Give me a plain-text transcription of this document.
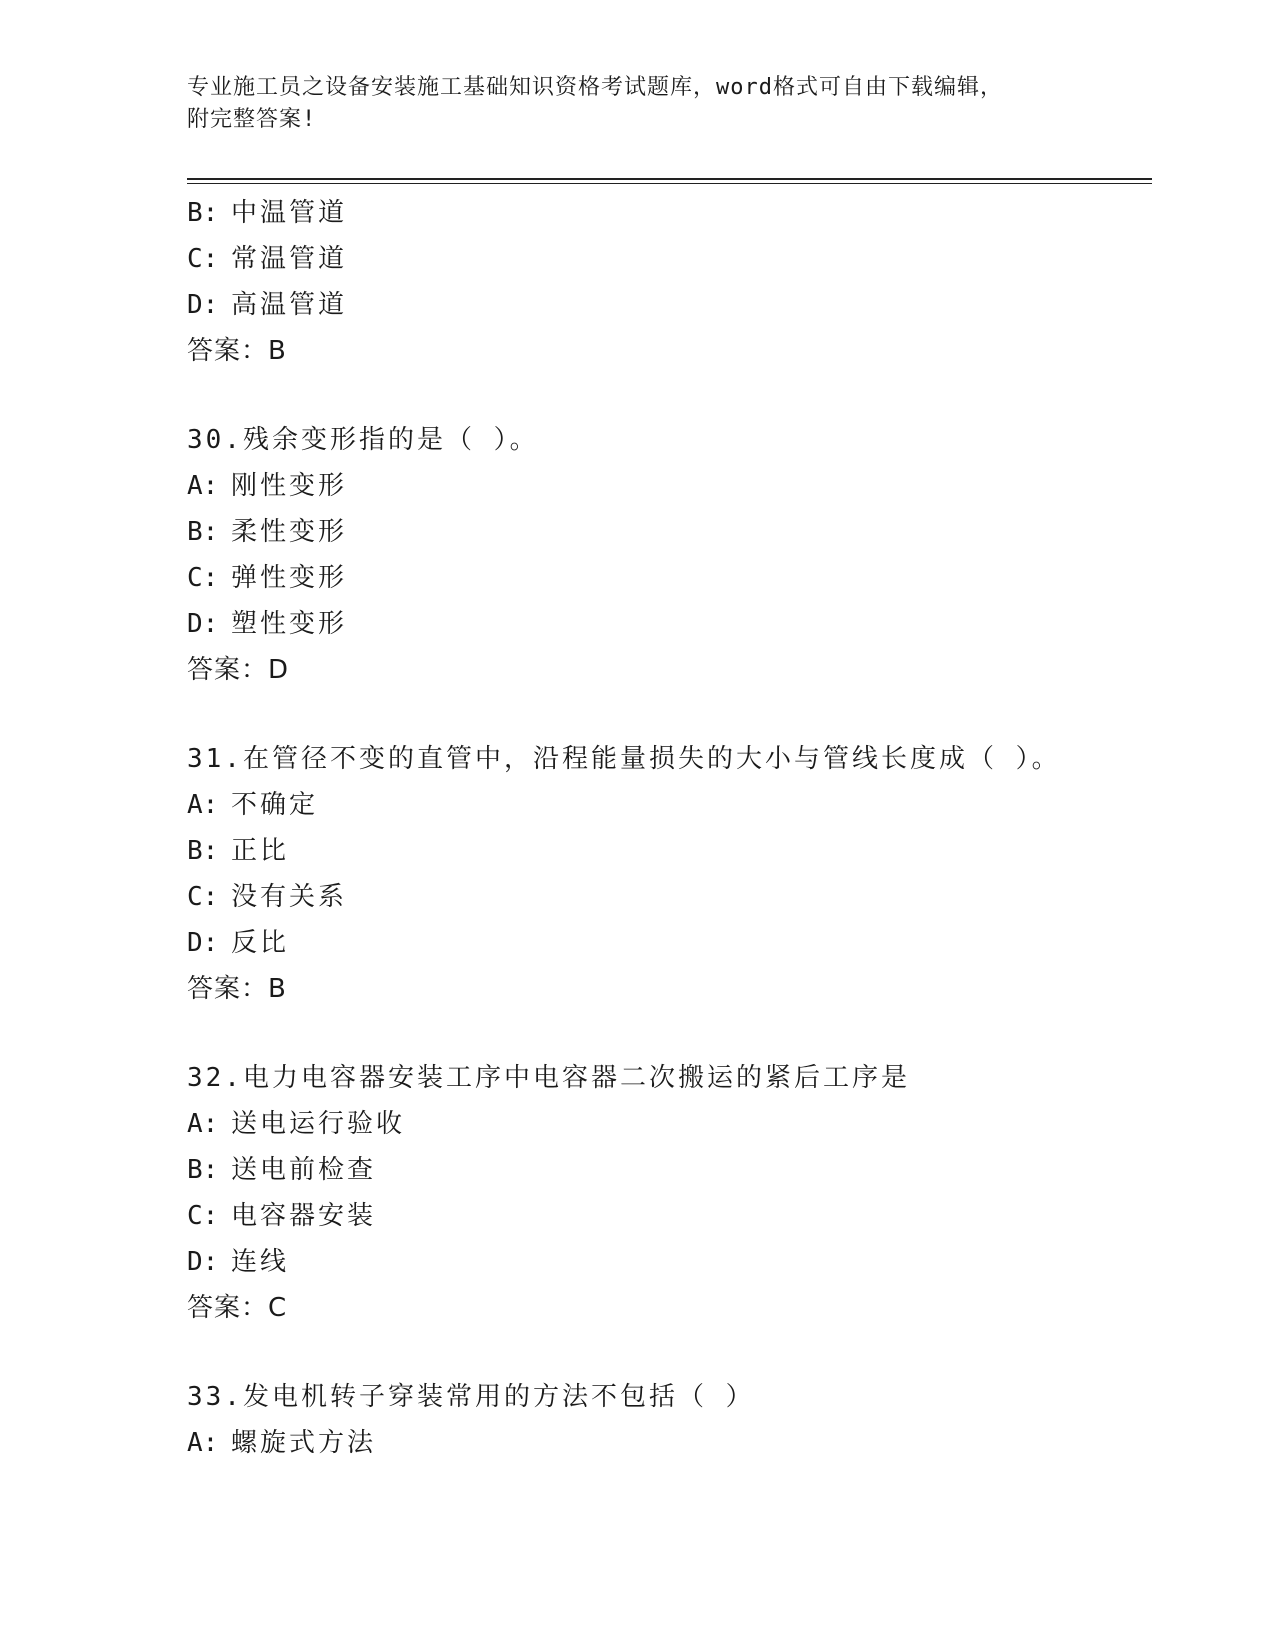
专业施工员之设备安装施工基础知识资格考试题库，word格式可自由下载编辑，
附完整答案!
B: 中温管道
C: 常温管道
D: 高温管道
答案：B
30.残余变形指的是（ ）。
A: 刚性变形
B: 柔性变形
C: 弹性变形
D: 塑性变形
答案：D
31.在管径不变的直管中，沿程能量损失的大小与管线长度成（ ）。
A: 不确定
B: 正比
C: 没有关系
D: 反比
答案：B
32.电力电容器安装工序中电容器二次搬运的紧后工序是
A: 送电运行验收
B: 送电前检查
C: 电容器安装
D: 连线
答案：C
33.发电机转子穿装常用的方法不包括（ ）
A: 螺旋式方法
